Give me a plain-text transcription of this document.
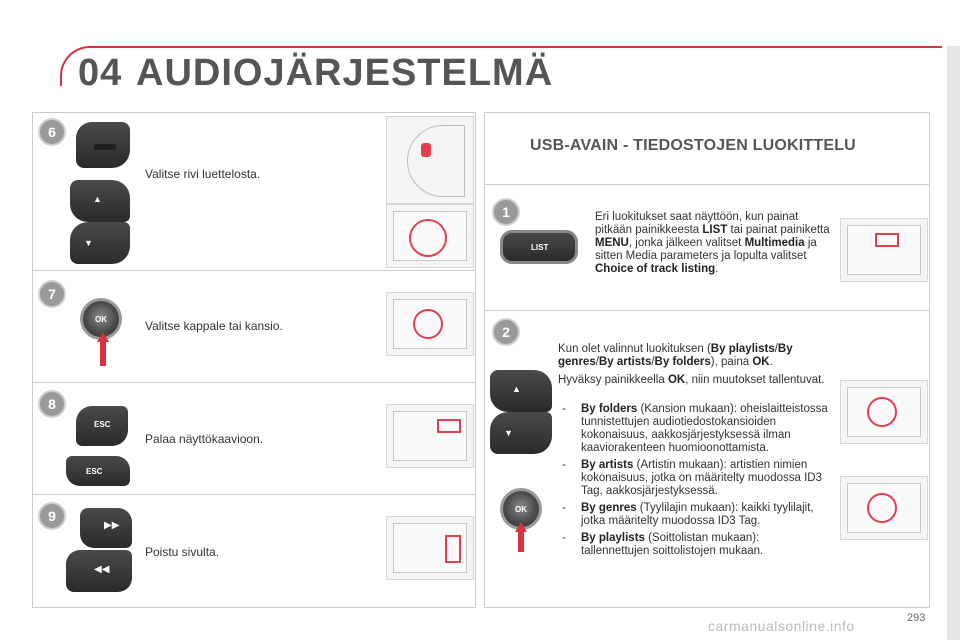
04 AUDIOJÄRJESTELMÄ
6
▲
▼
Valitse rivi luettelosta.
7
OK	Valitse kappale tai kansio.
8
ESC
ESC
Palaa näyttökaavioon.
9
▶▶
◀◀
Poistu sivulta.
USB-AVAIN - TIEDOSTOJEN LUOKITTELU
1
LIST
Eri luokitukset saat näyttöön, kun painat pitkään painikkeesta LIST tai painat painiketta MENU, jonka jälkeen valitset Multimedia ja sitten Media parameters ja lopulta valitset Choice of track listing.
2
▲
▼
OK
Kun olet valinnut luokituksen (By playlists/By genres/By artists/By folders), paina OK.
Hyväksy painikkeella OK, niin muutokset tallentuvat.
- By folders (Kansion mukaan): oheislaitteistossa tunnistettujen audiotiedostokansioiden kokonaisuus, aakkosjärjestyksessä ilman kaaviorakenteen huomioonottamista.
- By artists (Artistin mukaan): artistien nimien kokonaisuus, jotka on määritelty muodossa ID3 Tag, aakkosjärjestyksessä.
- By genres (Tyylilajin mukaan): kaikki tyylilajit, jotka määritelty muodossa ID3 Tag.
- By playlists (Soittolistan mukaan): tallennettujen soittolistojen mukaan.
293
carmanualsonline.info
